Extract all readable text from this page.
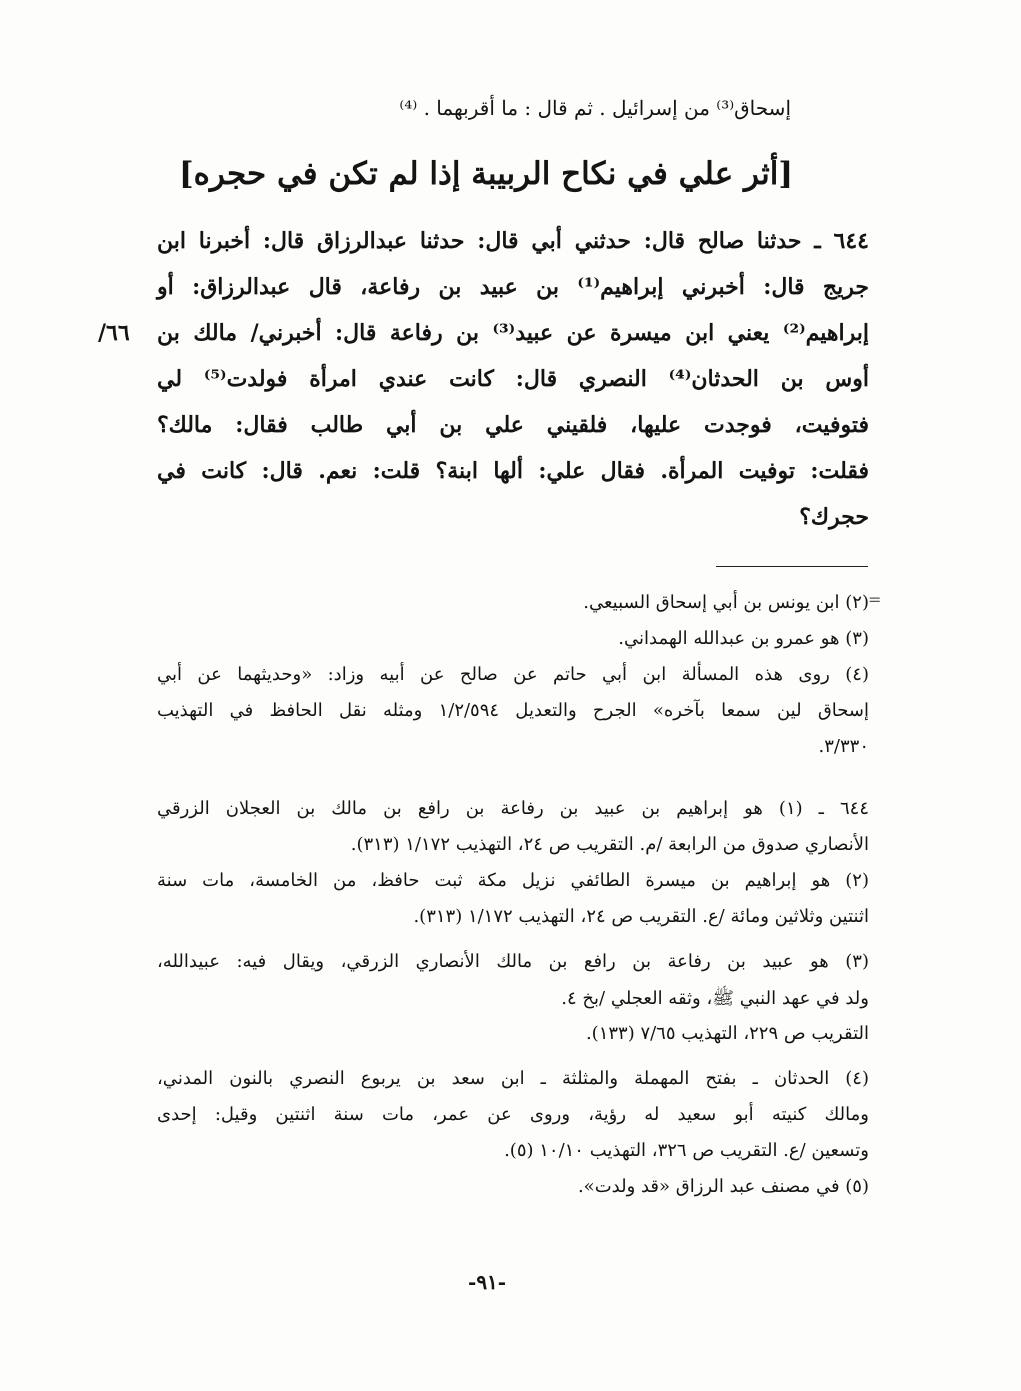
إسحاق⁽³⁾ من إسرائيل . ثم قال : ما أقربهما . ⁽⁴⁾
[أثر علي في نكاح الربيبة إذا لم تكن في حجره]
٦٤٤ ـ حدثنا صالح قال: حدثني أبي قال: حدثنا عبدالرزاق قال: أخبرنا ابن
جريج قال: أخبرني إبراهيم⁽¹⁾ بن عبيد بن رفاعة، قال عبدالرزاق: أو
إبراهيم⁽²⁾ يعني ابن ميسرة عن عبيد⁽³⁾ بن رفاعة قال: أخبرني/ مالك بن
أوس بن الحدثان⁽⁴⁾ النصري قال: كانت عندي امرأة فولدت⁽⁵⁾ لي
فتوفيت، فوجدت عليها، فلقيني علي بن أبي طالب فقال: مالك؟
فقلت: توفيت المرأة. فقال علي: ألها ابنة؟ قلت: نعم. قال: كانت في
حجرك؟
٦٦/
=
(٢) ابن يونس بن أبي إسحاق السبيعي.
(٣) هو عمرو بن عبدالله الهمداني.
(٤) روى هذه المسألة ابن أبي حاتم عن صالح عن أبيه وزاد: «وحديثهما عن أبي
إسحاق لين سمعا بآخره» الجرح والتعديل ١/٢/٥٩٤ ومثله نقل الحافظ في التهذيب
٣/٣٣٠.
٦٤٤ ـ (١) هو إبراهيم بن عبيد بن رفاعة بن رافع بن مالك بن العجلان الزرقي
الأنصاري صدوق من الرابعة /م. التقريب ص ٢٤، التهذيب ١/١٧٢ (٣١٣).
(٢) هو إبراهيم بن ميسرة الطائفي نزيل مكة ثبت حافظ، من الخامسة، مات سنة
اثنتين وثلاثين ومائة /ع. التقريب ص ٢٤، التهذيب ١/١٧٢ (٣١٣).
(٣) هو عبيد بن رفاعة بن رافع بن مالك الأنصاري الزرقي، ويقال فيه: عبيدالله،
ولد في عهد النبي ﷺ، وثقه العجلي /بخ ٤.
التقريب ص ٢٢٩، التهذيب ٧/٦٥ (١٣٣).
(٤) الحدثان ـ بفتح المهملة والمثلثة ـ ابن سعد بن يربوع النصري بالنون المدني،
ومالك كنيته أبو سعيد له رؤية، وروى عن عمر، مات سنة اثنتين وقيل: إحدى
وتسعين /ع. التقريب ص ٣٢٦، التهذيب ١٠/١٠ (٥).
(٥) في مصنف عبد الرزاق «قد ولدت».
-٩١-
